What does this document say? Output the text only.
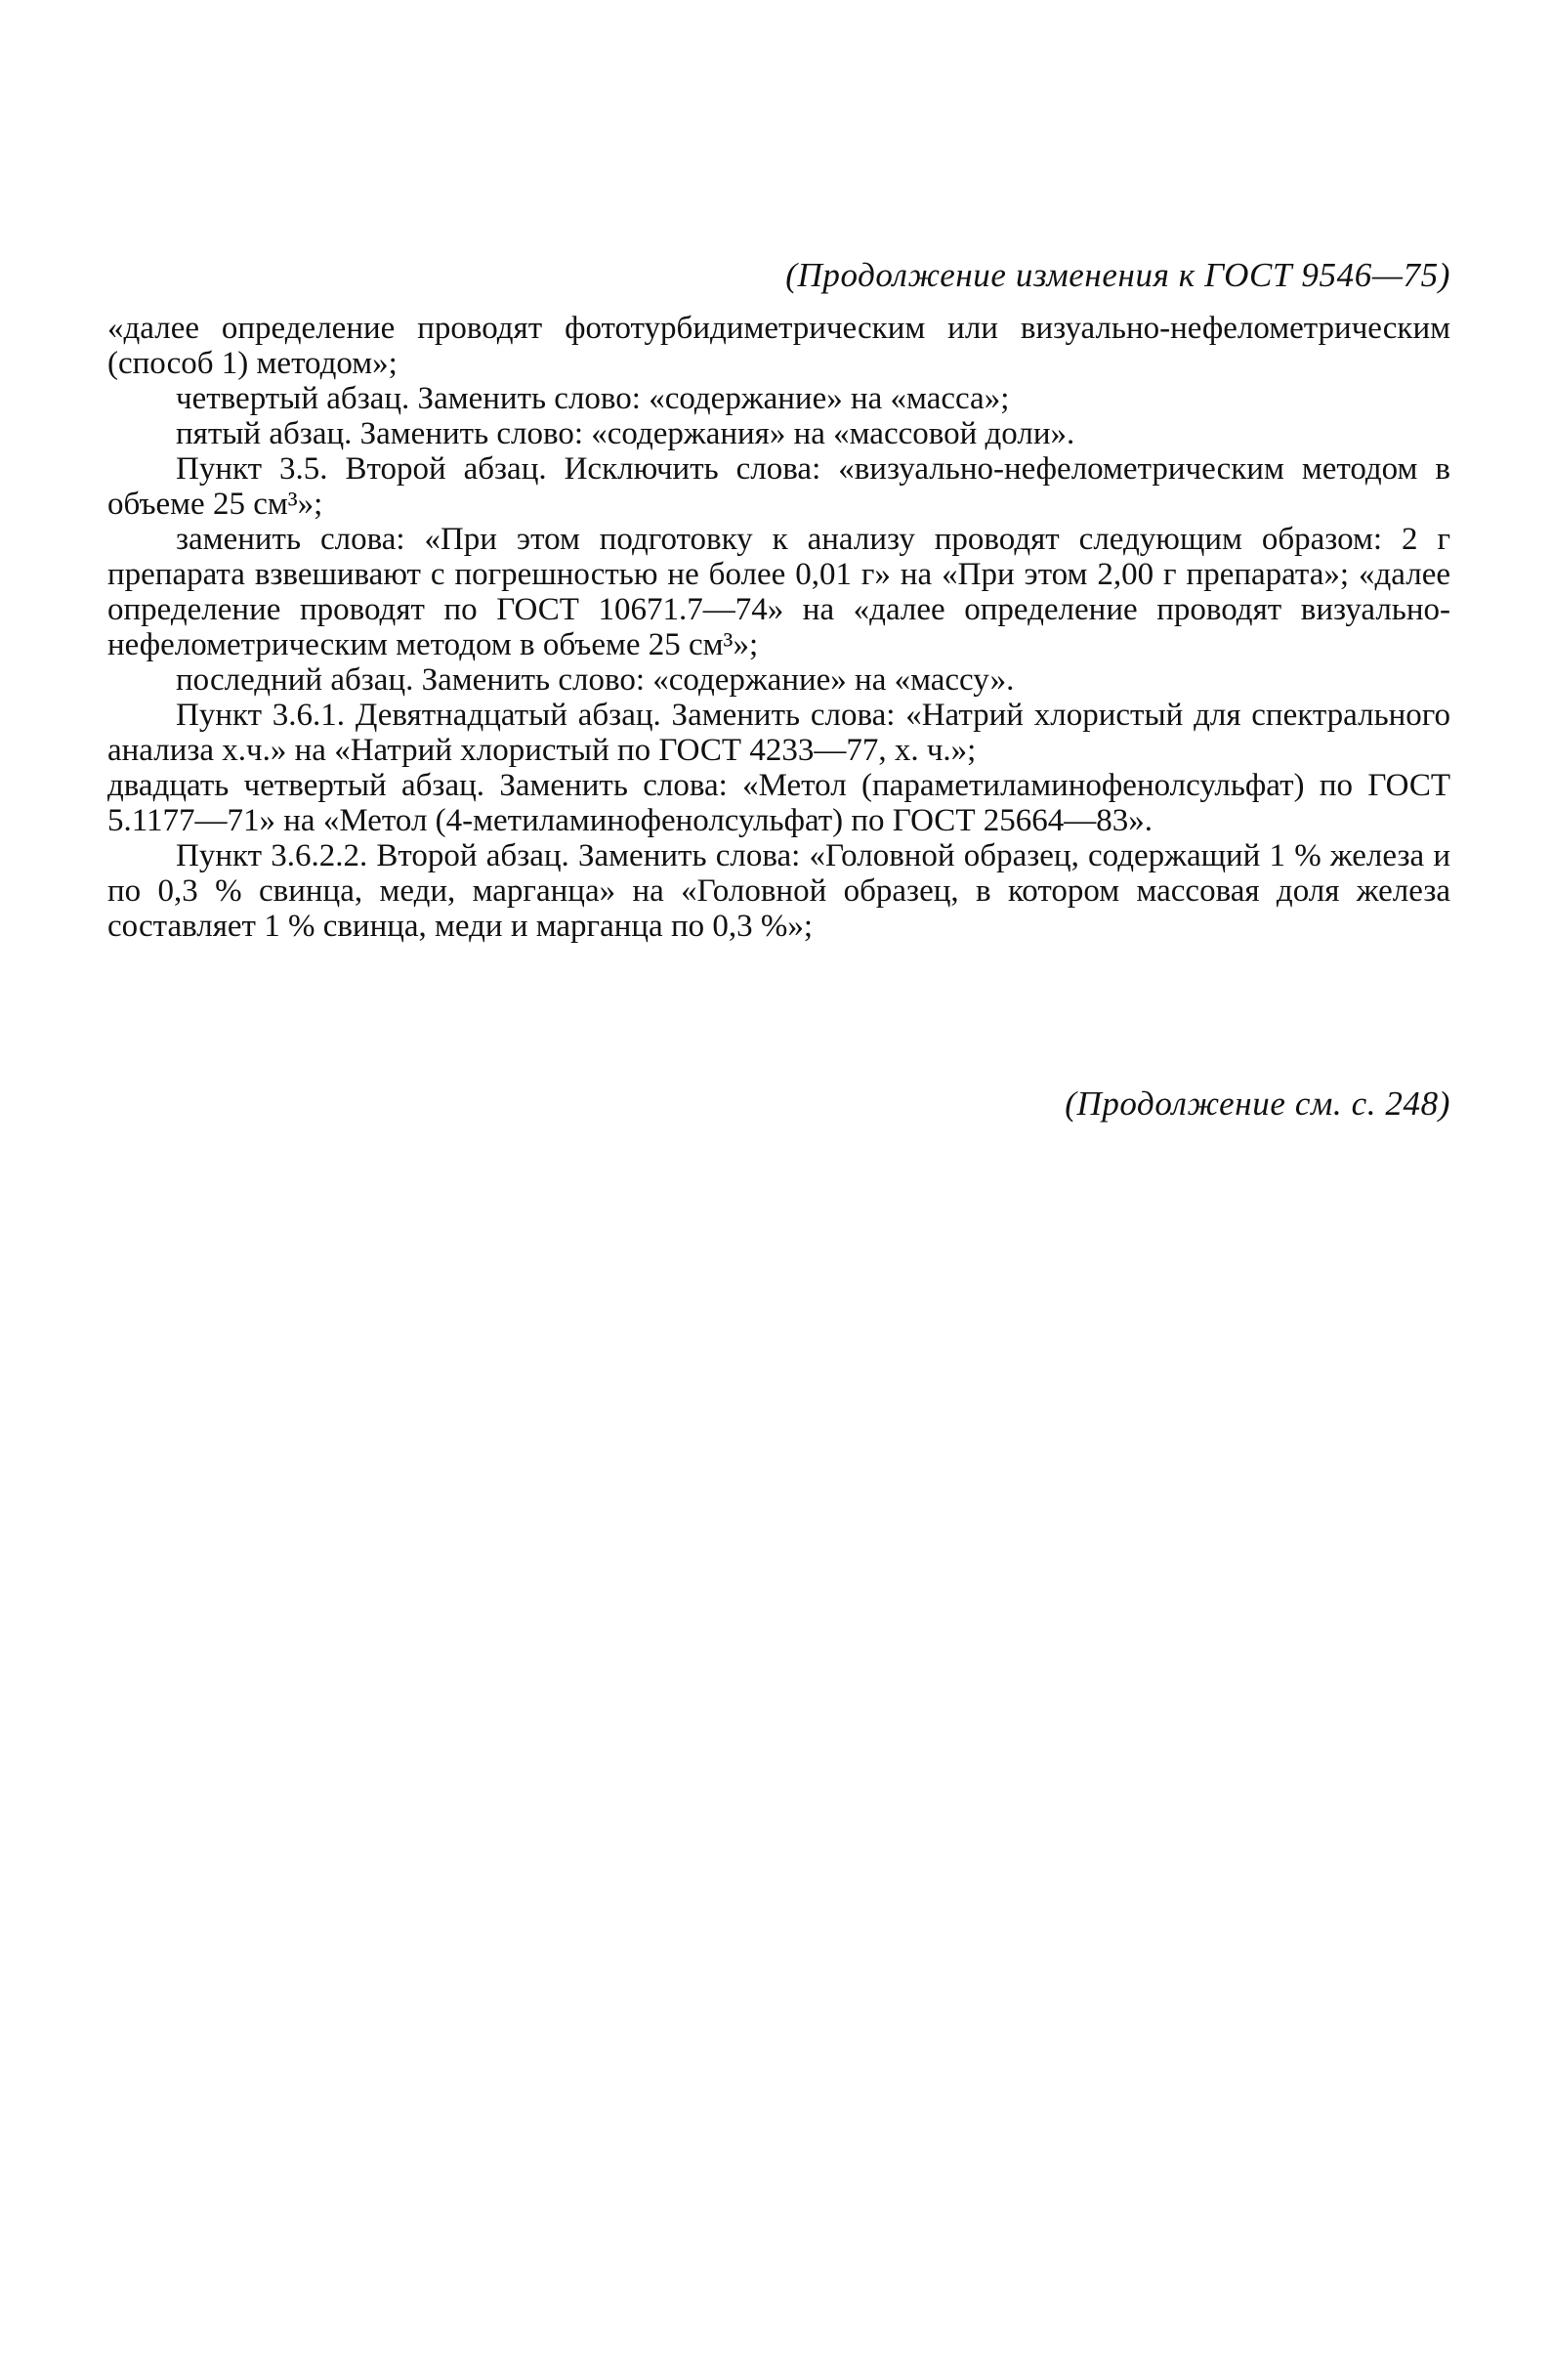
(Продолжение изменения к ГОСТ 9546—75)

«далее определение проводят фототурбидиметрическим или визуально-нефелометрическим (способ 1) методом»;

четвертый абзац. Заменить слово: «содержание» на «масса»;

пятый абзац. Заменить слово: «содержания» на «массовой доли».

Пункт 3.5. Второй абзац. Исключить слова: «визуально-нефелометрическим методом в объеме 25 см³»;

заменить слова: «При этом подготовку к анализу проводят следующим образом: 2 г препарата взвешивают с погрешностью не более 0,01 г» на «При этом 2,00 г препарата»; «далее определение проводят по ГОСТ 10671.7—74» на «далее определение проводят визуально-нефелометрическим методом в объеме 25 см³»;

последний абзац. Заменить слово: «содержание» на «массу».

Пункт 3.6.1. Девятнадцатый абзац. Заменить слова: «Натрий хлористый для спектрального анализа х.ч.» на «Натрий хлористый по ГОСТ 4233—77, х. ч.»;

двадцать четвертый абзац. Заменить слова: «Метол (параметиламинофенолсульфат) по ГОСТ 5.1177—71» на «Метол (4-метиламинофенолсульфат) по ГОСТ 25664—83».

Пункт 3.6.2.2. Второй абзац. Заменить слова: «Головной образец, содержащий 1 % железа и по 0,3 % свинца, меди, марганца» на «Головной образец, в котором массовая доля железа составляет 1 % свинца, меди и марганца по 0,3 %»;

(Продолжение см. с. 248)
